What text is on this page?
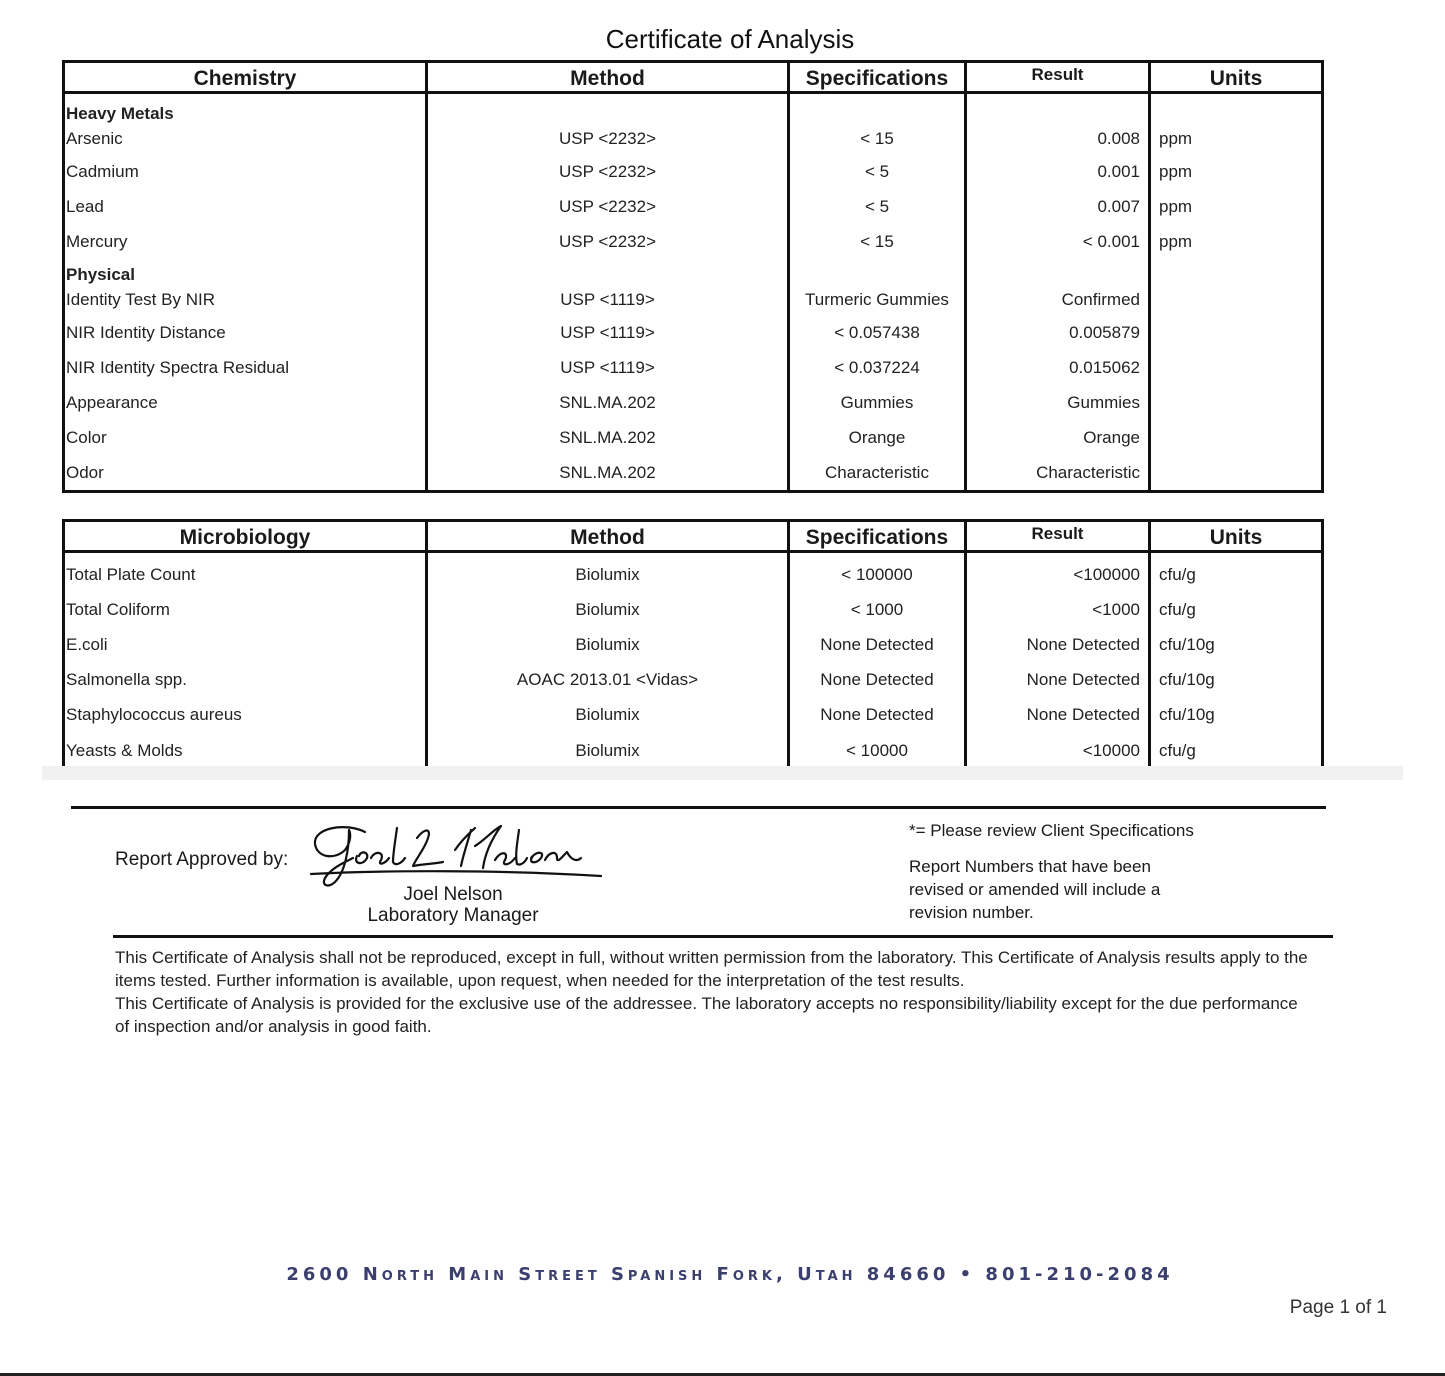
Certificate of Analysis
Chemistry	Method	Specifications	Result	Units

Heavy Metals				
Arsenic	USP <2232>	< 15	0.008	ppm
Cadmium	USP <2232>	< 5	0.001	ppm
Lead	USP <2232>	< 5	0.007	ppm
Mercury	USP <2232>	< 15	< 0.001	ppm
Physical				
Identity Test By NIR	USP <1119>	Turmeric Gummies	Confirmed	
NIR Identity Distance	USP <1119>	< 0.057438	0.005879	
NIR Identity Spectra Residual	USP <1119>	< 0.037224	0.015062	
Appearance	SNL.MA.202	Gummies	Gummies	
Color	SNL.MA.202	Orange	Orange	
Odor	SNL.MA.202	Characteristic	Characteristic	
Microbiology	Method	Specifications	Result	Units

Total Plate Count	Biolumix	< 100000	<100000	cfu/g
Total Coliform	Biolumix	< 1000	<1000	cfu/g
E.coli	Biolumix	None Detected	None Detected	cfu/10g
Salmonella spp.	AOAC 2013.01 <Vidas>	None Detected	None Detected	cfu/10g
Staphylococcus aureus	Biolumix	None Detected	None Detected	cfu/10g
Yeasts & Molds	Biolumix	< 10000	<10000	cfu/g
Report Approved by:
Joel Nelson
Laboratory Manager
*= Please review Client Specifications
Report Numbers that have been revised or amended will include a revision number.

This Certificate of Analysis shall not be reproduced, except in full, without written permission from the laboratory. This Certificate of Analysis results apply to the items tested. Further information is available, upon request, when needed for the interpretation of the test results.

This Certificate of Analysis is provided for the exclusive use of the addressee. The laboratory accepts no responsibility/liability except for the due performance of inspection and/or analysis in good faith.

2600 North Main Street Spanish Fork, Utah 84660 • 801-210-2084
Page 1 of 1
